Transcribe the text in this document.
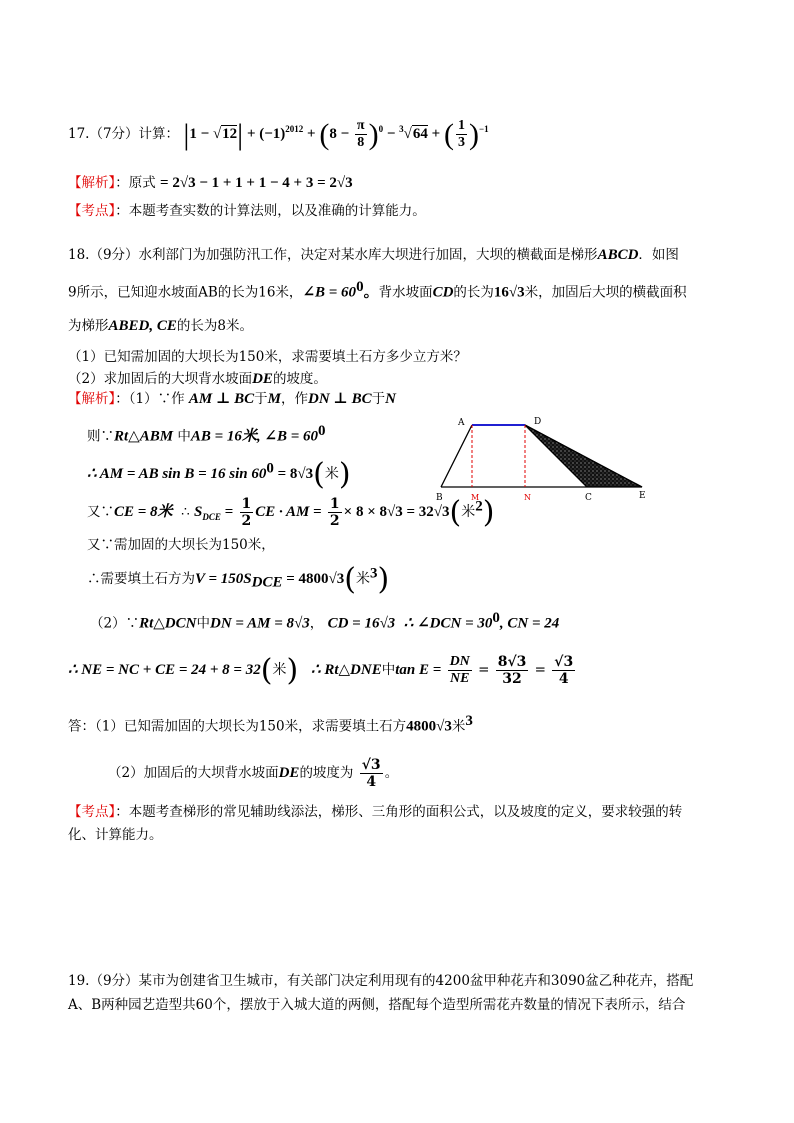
17.（7分）计算： $|1 - √12| + (-1)^{2012} + (8 - \frac{\pi}{8} )^0 - ^3√64$ + ( $\frac{1}{3} )^{-1}$
【解析】：原式 = 2√3 − 1 + 1 + 1 − 4 + 3 = 2√3
【考点】：本题考查实数的计算法则，以及准确的计算能力。
18.（9分）水利部门为加强防汛工作，决定对某水库大坝进行加固，大坝的横截面是梯形ABCD．如图
9所示，已知迎水坡面AB的长为16米，∠B = $60^0$。背水坡面CD的长为16√3米，加固后大坝的横截面积
为梯形ABED, CE的长为8米。
（1）已知需加固的大坝长为150米，求需要填土石方多少立方米？
（2）求加固后的大坝背水坡面DE的坡度。
【解析】：（1）∵作 AM ⊥ BC于M，作DN ⊥ BC于N
则∵Rt△ABM 中AB = 16米, ∠B = $60^0$
∴ AM = AB sin B = 16 $\sin 60^0 = 8√3$(米)
又∵CE = 8米 ∴ $S_{DCE} = \frac{1}{2}$ CE · AM = $\frac{1}{2} \times 8 \times 8√3 = 32√3$(米$^2$)
又∵需加固的大坝长为150米，
∴需要填土石方为$V = 150S_{DCE} = 4800√3$(米$^3$)
（2）∵Rt△DCN中DN = AM = 8√3， CD = 16√3 ∴ ∠DCN = $30^0$, CN = 24
∴ NE = NC + CE = 24 + 8 = 32(米) ∴ Rt△DNE中$\tan E = \frac{DN}{NE} = \frac{8√3}{32} = \frac{√3}{4}$
答：（1）已知需加固的大坝长为150米，求需要填土石方4800√3米$^3$
（2）加固后的大坝背水坡面DE的坡度为 $\frac{√3}{4}$ 。
【考点】：本题考查梯形的常见辅助线添法，梯形、三角形的面积公式，以及坡度的定义，要求较强的转
化、计算能力。
A	D
B	M	N	C	E
19.（9分）某市为创建省卫生城市，有关部门决定利用现有的4200盆甲种花卉和3090盆乙种花卉，搭配
A、B两种园艺造型共60个，摆放于入城大道的两侧，搭配每个造型所需花卉数量的情况下表所示，结合
